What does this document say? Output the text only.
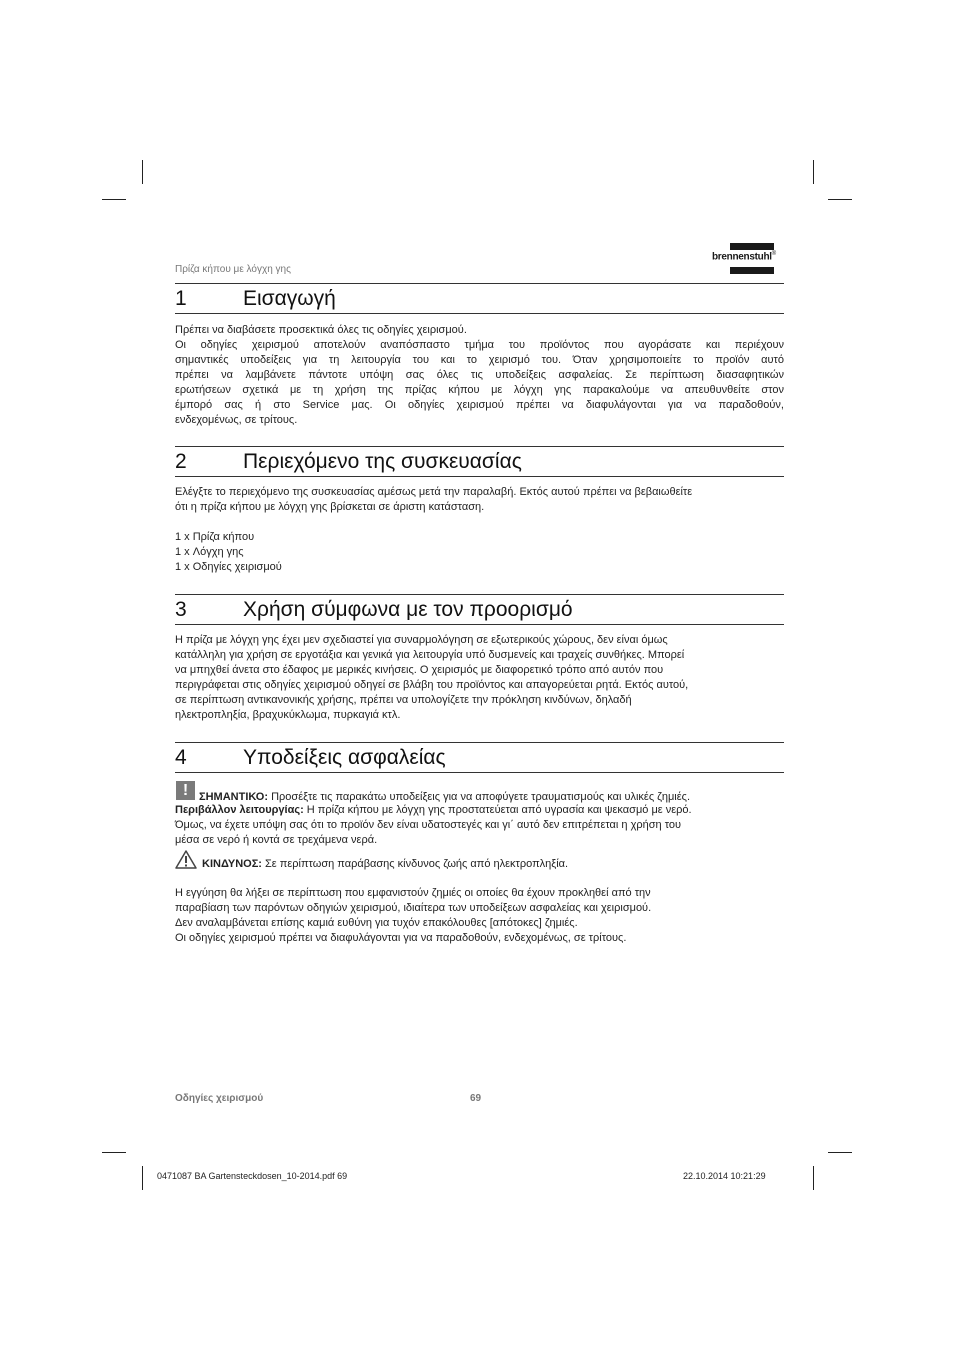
Πρίζα κήπου με λόγχη γης
brennenstuhl®
1	Εισαγωγή
Πρέπει να διαβάσετε προσεκτικά όλες τις οδηγίες χειρισμού.
Οι οδηγίες χειρισμού αποτελούν αναπόσπαστο τμήμα του προϊόντος που αγοράσατε και περιέχουν
σημαντικές υποδείξεις για τη λειτουργία του και το χειρισμό του. Όταν χρησιμοποιείτε το προϊόν αυτό
πρέπει να λαμβάνετε πάντοτε υπόψη σας όλες τις υποδείξεις ασφαλείας. Σε περίπτωση διασαφητικών
ερωτήσεων σχετικά με τη χρήση της πρίζας κήπου με λόγχη γης παρακαλούμε να απευθυνθείτε στον
έμπορό σας ή στο Service μας. Οι οδηγίες χειρισμού πρέπει να διαφυλάγονται για να παραδοθούν,
ενδεχομένως, σε τρίτους.
2	Περιεχόμενο της συσκευασίας
Ελέγξτε το περιεχόμενο της συσκευασίας αμέσως μετά την παραλαβή. Εκτός αυτού πρέπει να βεβαιωθείτε
ότι η πρίζα κήπου με λόγχη γης βρίσκεται σε άριστη κατάσταση.
1 x Πρίζα κήπου
1 x Λόγχη γης
1 x Οδηγίες χειρισμού
3	Χρήση σύμφωνα με τον προορισμό
Η πρίζα με λόγχη γης έχει μεν σχεδιαστεί για συναρμολόγηση σε εξωτερικούς χώρους, δεν είναι όμως
κατάλληλη για χρήση σε εργοτάξια και γενικά για λειτουργία υπό δυσμενείς και τραχείς συνθήκες. Μπορεί
να μπηχθεί άνετα στο έδαφος με μερικές κινήσεις. Ο χειρισμός με διαφορετικό τρόπο από αυτόν που
περιγράφεται στις οδηγίες χειρισμού οδηγεί σε βλάβη του προϊόντος και απαγορεύεται ρητά. Εκτός αυτού,
σε περίπτωση αντικανονικής χρήσης, πρέπει να υπολογίζετε την πρόκληση κινδύνων, δηλαδή
ηλεκτροπληξία, βραχυκύκλωμα, πυρκαγιά κτλ.
4	Υποδείξεις ασφαλείας
! ΣΗΜΑΝΤΙΚΟ: Προσέξτε τις παρακάτω υποδείξεις για να αποφύγετε τραυματισμούς και υλικές ζημιές.
Περιβάλλον λειτουργίας: Η πρίζα κήπου με λόγχη γης προστατεύεται από υγρασία και ψεκασμό με νερό.
Όμως, να έχετε υπόψη σας ότι το προϊόν δεν είναι υδατοστεγές και γι΄ αυτό δεν επιτρέπεται η χρήση του
μέσα σε νερό ή κοντά σε τρεχάμενα νερά.
ΚΙΝΔΥΝΟΣ: Σε περίπτωση παράβασης κίνδυνος ζωής από ηλεκτροπληξία.
Η εγγύηση θα λήξει σε περίπτωση που εμφανιστούν ζημιές οι οποίες θα έχουν προκληθεί από την
παραβίαση των παρόντων οδηγιών χειρισμού, ιδιαίτερα των υποδείξεων ασφαλείας και χειρισμού.
Δεν αναλαμβάνεται επίσης καμιά ευθύνη για τυχόν επακόλουθες [απότοκες] ζημιές.
Οι οδηγίες χειρισμού πρέπει να διαφυλάγονται για να παραδοθούν, ενδεχομένως, σε τρίτους.
Οδηγίες χειρισμού	69
0471087 BA Gartensteckdosen_10-2014.pdf 69	22.10.2014 10:21:29
